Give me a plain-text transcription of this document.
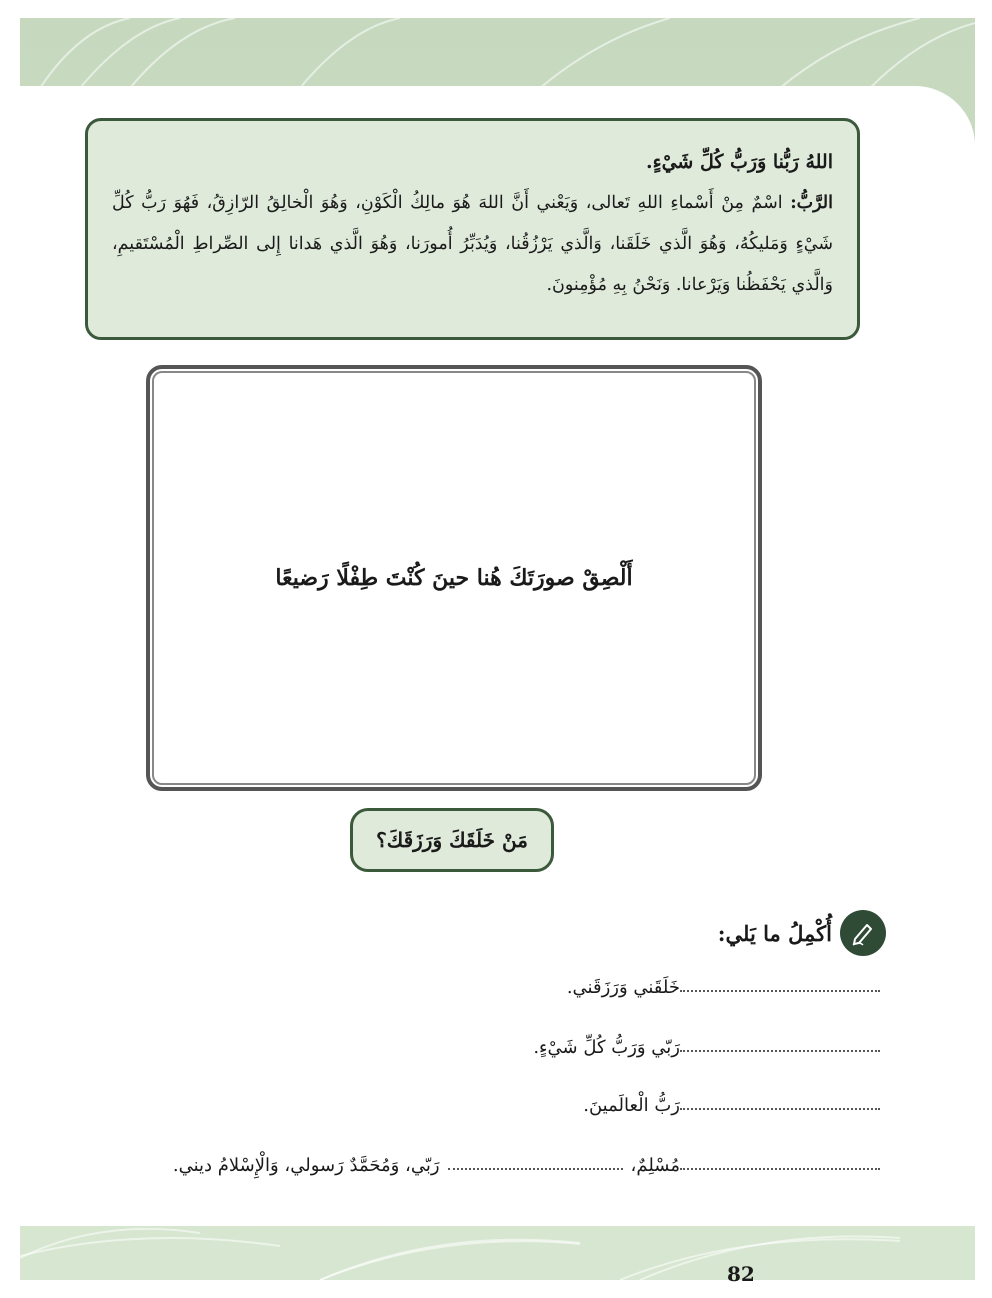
اللهُ رَبُّنا وَرَبُّ كُلِّ شَيْءٍ.

الرَّبُّ: اسْمٌ مِنْ أَسْماءِ اللهِ تَعالى، وَيَعْني أَنَّ اللهَ هُوَ مالِكُ الْكَوْنِ، وَهُوَ الْخالِقُ الرّازِقُ، فَهُوَ رَبُّ كُلِّ شَيْءٍ وَمَليكُهُ، وَهُوَ الَّذي خَلَقَنا، وَالَّذي يَرْزُقُنا، وَيُدَبِّرُ أُمورَنا، وَهُوَ الَّذي هَدانا إِلى الصِّراطِ الْمُسْتَقيمِ، وَالَّذي يَحْفَظُنا وَيَرْعانا. وَنَحْنُ بِهِ مُؤْمِنونَ.

أَلْصِقْ صورَتَكَ هُنا حينَ كُنْتَ طِفْلًا رَضيعًا
مَنْ خَلَقَكَ وَرَزَقَكَ؟
أُكْمِلُ ما يَلي:
خَلَقَني وَرَزَقَني.
رَبّي وَرَبُّ كُلِّ شَيْءٍ.
رَبُّ الْعالَمينَ.
مُسْلِمٌ،
رَبّي، وَمُحَمَّدٌ رَسولي، وَالْإِسْلامُ ديني.
82
